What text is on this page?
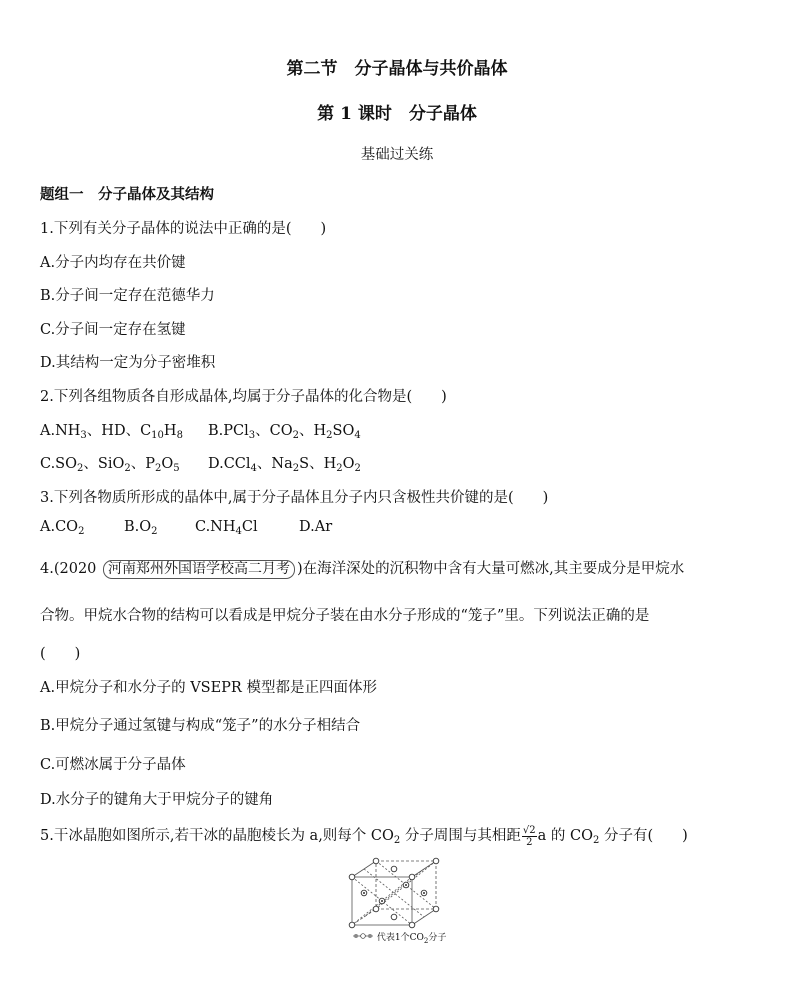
第二节　分子晶体与共价晶体
第 1 课时　分子晶体
基础过关练
题组一　分子晶体及其结构
1.下列有关分子晶体的说法中正确的是(　　)
A.分子内均存在共价键
B.分子间一定存在范德华力
C.分子间一定存在氢键
D.其结构一定为分子密堆积
2.下列各组物质各自形成晶体,均属于分子晶体的化合物是(　　)
$A.NH_3$、HD、$C_{10}H_8$ B.PCl$_3$、$CO_2$、$H_2SO_4$
$C.SO_2$、SiO$_2$、$P_2O_5$ D.CCl$_4$、$Na_2S$、$H_2O_2$
3.下列各物质所形成的晶体中,属于分子晶体且分子内只含极性共价键的是(　　)
$A.CO_2$	$B.O_2$	$C.NH_4Cl$	D.Ar
4.(2020 河南郑州外国语学校高二月考 )在海洋深处的沉积物中含有大量可燃冰,其主要成分是甲烷水
合物。甲烷水合物的结构可以看成是甲烷分子装在由水分子形成的“笼子”里。下列说法正确的是
(　　)
A.甲烷分子和水分子的 VSEPR 模型都是正四面体形
B.甲烷分子通过氢键与构成“笼子”的水分子相结合
C.可燃冰属于分子晶体
D.水分子的键角大于甲烷分子的键角
5.干冰晶胞如图所示,若干冰的晶胞棱长为 a,则每个 $CO_2$ 分子周围与其相距 $\frac{√2}{2}$ a 的 $CO_2$ 分子有(　　)
代表1个$CO_2$分子
